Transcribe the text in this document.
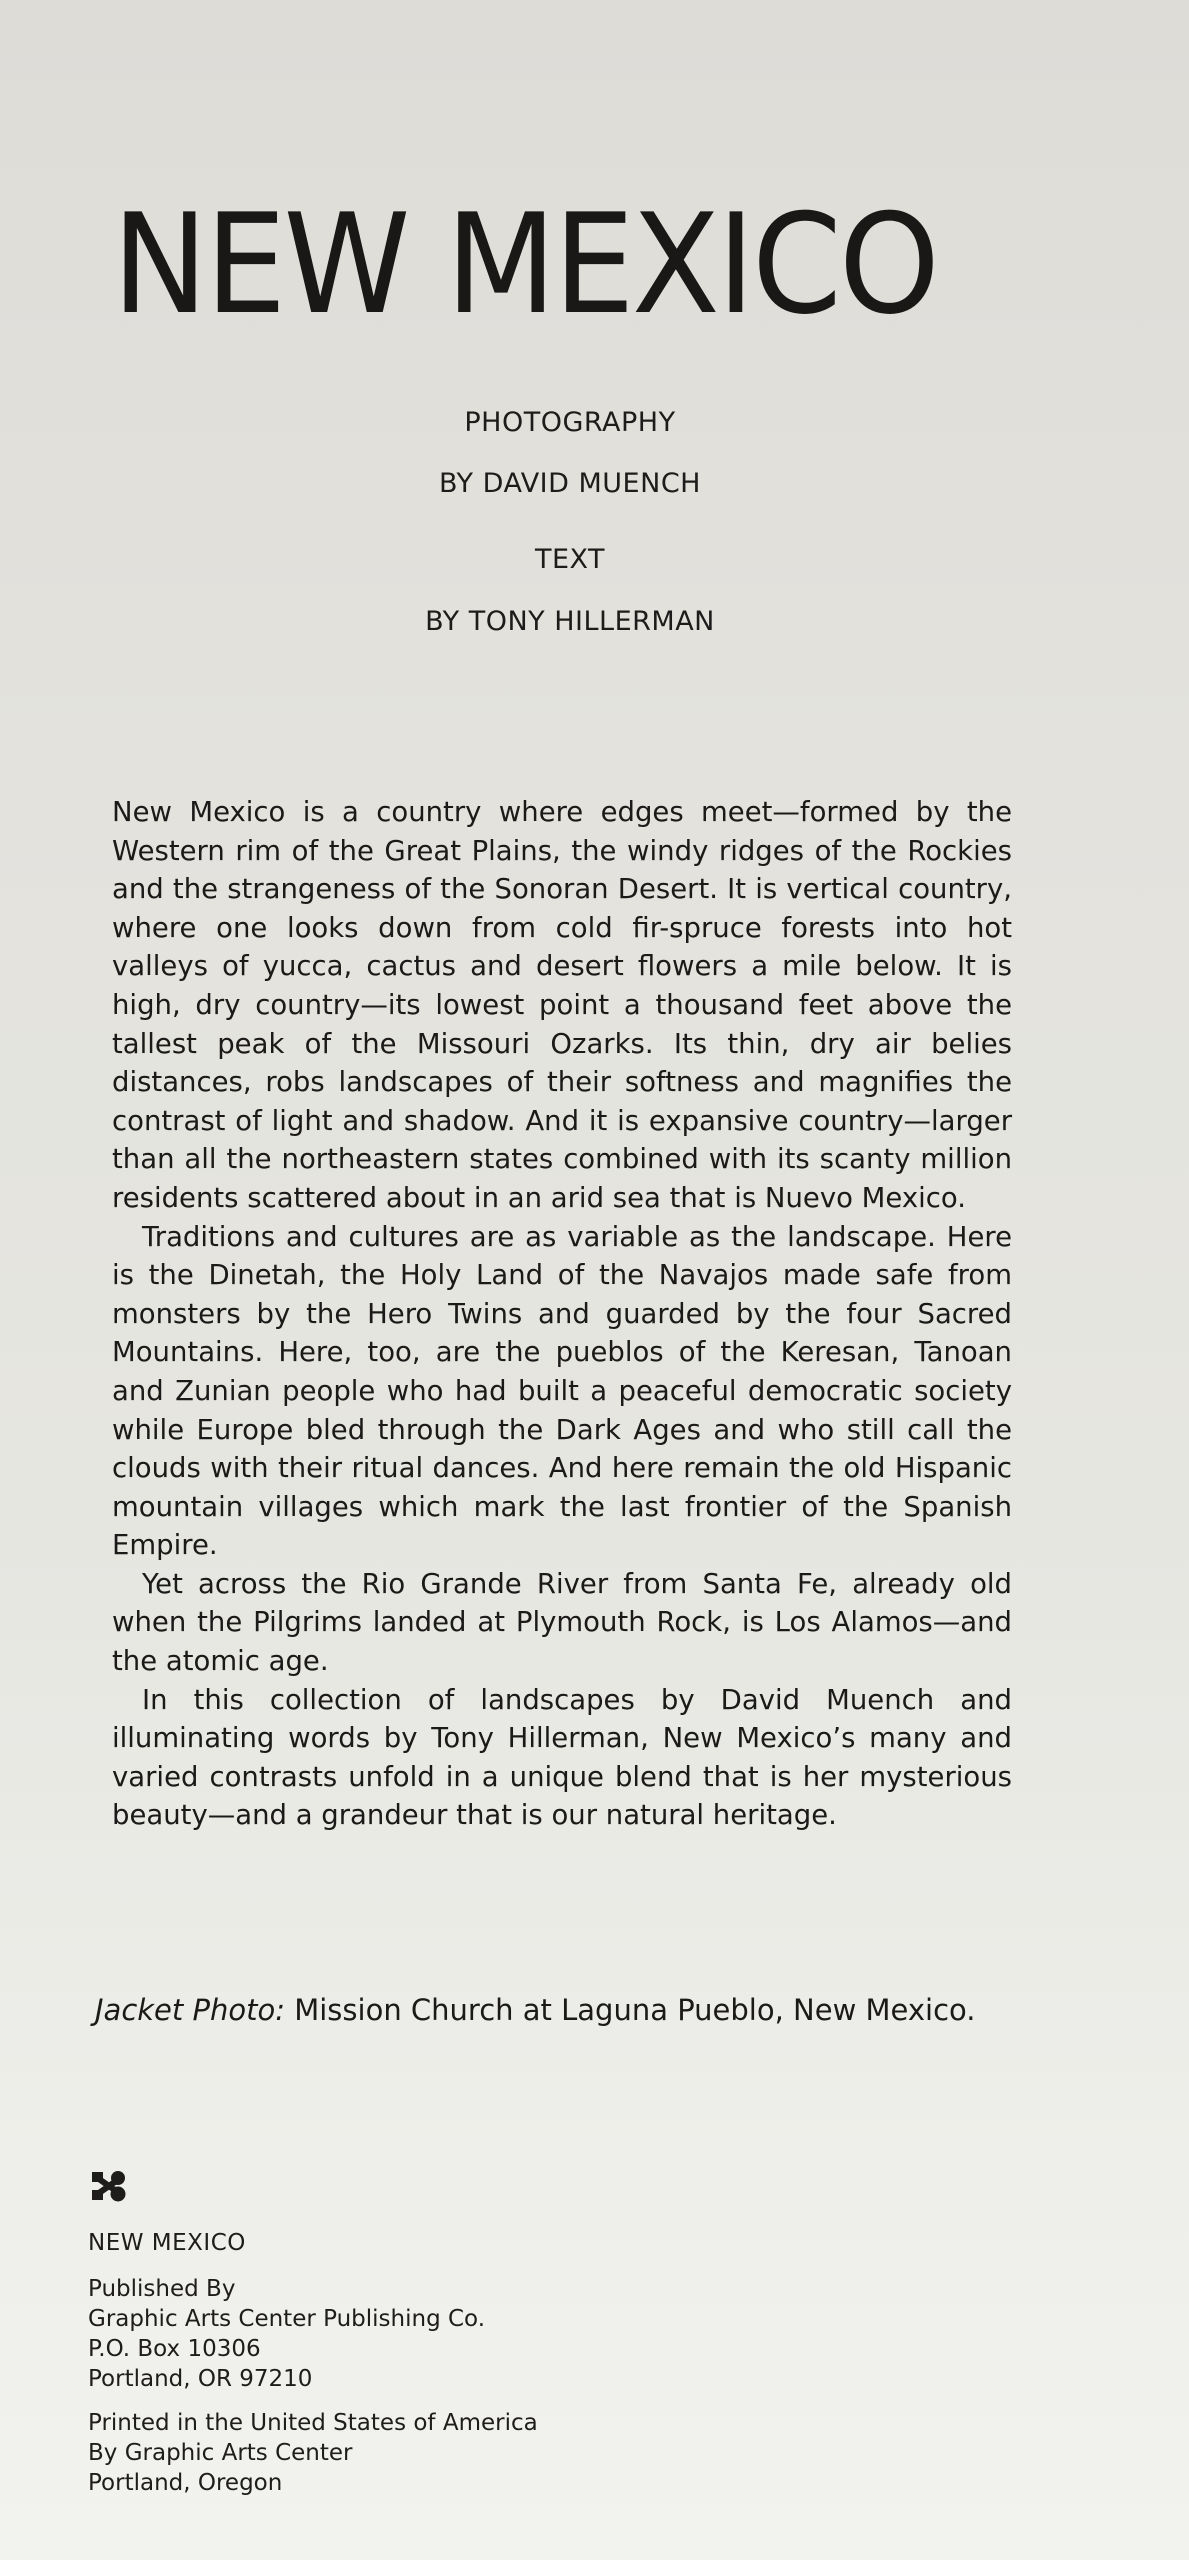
NEW MEXICO
PHOTOGRAPHY
BY DAVID MUENCH
TEXT
BY TONY HILLERMAN

New Mexico is a country where edges meet—formed by the Western rim of the Great Plains, the windy ridges of the Rockies and the strangeness of the Sonoran Desert. It is vertical country, where one looks down from cold fir-spruce forests into hot valleys of yucca, cactus and desert flowers a mile below. It is high, dry country—its lowest point a thousand feet above the tallest peak of the Missouri Ozarks. Its thin, dry air belies distances, robs landscapes of their softness and magnifies the contrast of light and shadow. And it is expansive country—larger than all the northeastern states combined with its scanty million residents scattered about in an arid sea that is Nuevo Mexico.

Traditions and cultures are as variable as the landscape. Here is the Dinetah, the Holy Land of the Navajos made safe from monsters by the Hero Twins and guarded by the four Sacred Mountains. Here, too, are the pueblos of the Keresan, Tanoan and Zunian people who had built a peaceful democratic society while Europe bled through the Dark Ages and who still call the clouds with their ritual dances. And here remain the old Hispanic mountain villages which mark the last frontier of the Spanish Empire.

Yet across the Rio Grande River from Santa Fe, already old when the Pilgrims landed at Plymouth Rock, is Los Alamos—and the atomic age.

In this collection of landscapes by David Muench and illuminating words by Tony Hillerman, New Mexico’s many and varied contrasts unfold in a unique blend that is her mysterious beauty—and a grandeur that is our natural heritage.

Jacket Photo: Mission Church at Laguna Pueblo, New Mexico.
NEW MEXICO
Published By
Graphic Arts Center Publishing Co.
P.O. Box 10306
Portland, OR 97210
Printed in the United States of America
By Graphic Arts Center
Portland, Oregon
